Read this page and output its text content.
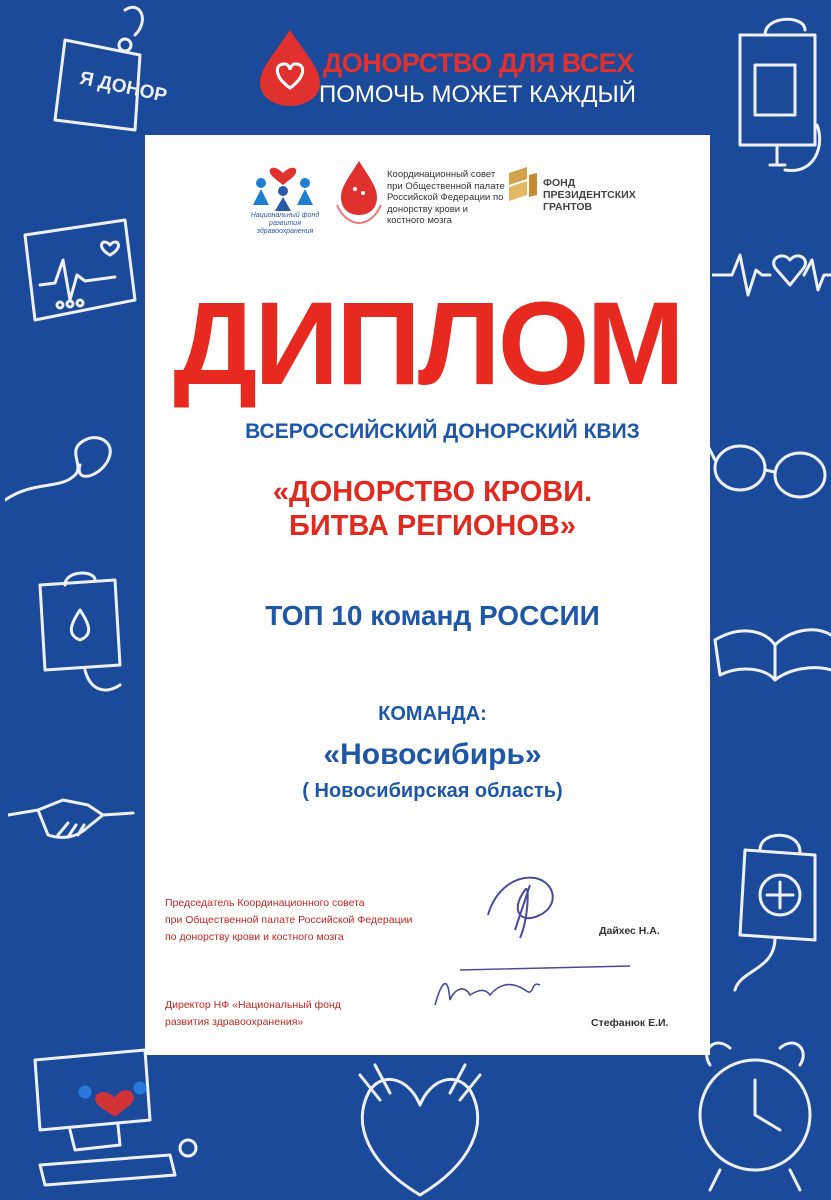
Я ДОНОР
ДОНОРСТВО ДЛЯ ВСЕХ
ПОМОЧЬ МОЖЕТ КАЖДЫЙ
Национальный фонд развития здравоохранения
Координационный совет при Общественной палате Российской Федерации по донорству крови и костного мозга
ФОНД ПРЕЗИДЕНТСКИХ ГРАНТОВ
ДИПЛОМ
ВСЕРОССИЙСКИЙ ДОНОРСКИЙ КВИЗ
«ДОНОРСТВО КРОВИ.
БИТВА РЕГИОНОВ»
ТОП 10 команд РОССИИ
КОМАНДА:
«Новосибирь»
( Новосибирская область)
Председатель Координационного совета
при Общественной палате Российской Федерации
по донорству крови и костного мозга	Дайхес Н.А.
Директор НФ «Национальный фонд
развития здравоохранения»	Стефанюк Е.И.
